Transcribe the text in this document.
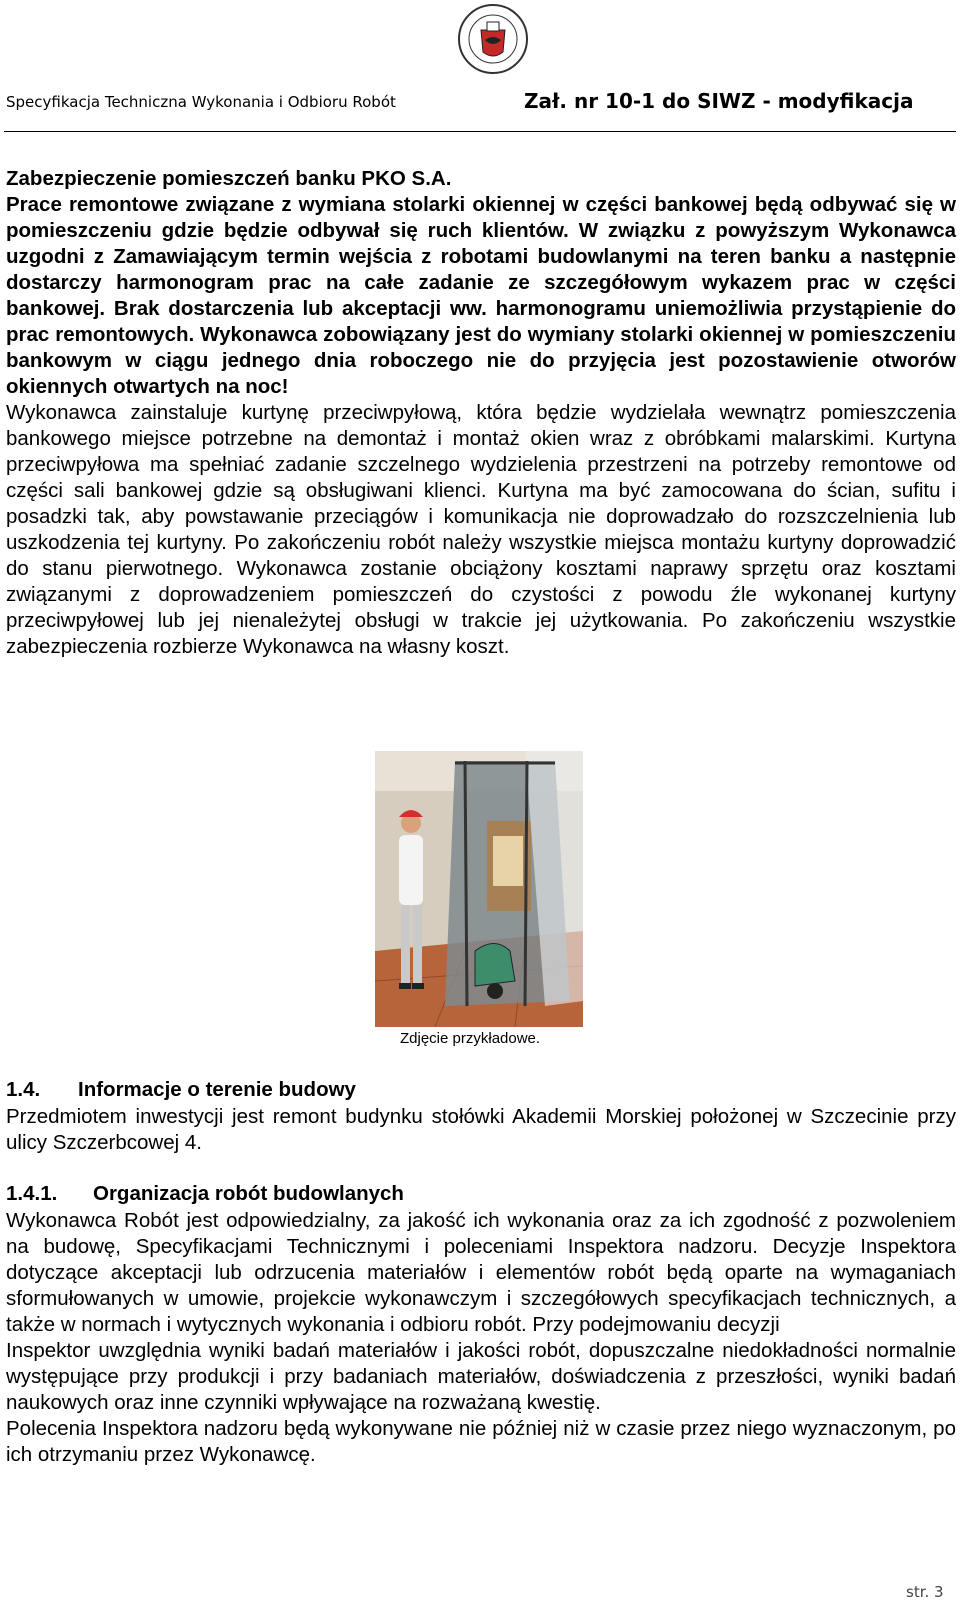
Specyfikacja Techniczna Wykonania i Odbioru Robót	Zał. nr 10-1 do SIWZ - modyfikacja

Zabezpieczenie pomieszczeń banku PKO S.A.

Prace remontowe związane z wymiana stolarki okiennej w części bankowej będą odbywać się w pomieszczeniu gdzie będzie odbywał się ruch klientów. W związku z powyższym Wykonawca uzgodni z Zamawiającym termin wejścia z robotami budowlanymi na teren banku a następnie dostarczy harmonogram prac na całe zadanie ze szczegółowym wykazem prac w części bankowej. Brak dostarczenia lub akceptacji ww. harmonogramu uniemożliwia przystąpienie do prac remontowych. Wykonawca zobowiązany jest do wymiany stolarki okiennej w pomieszczeniu bankowym w ciągu jednego dnia roboczego nie do przyjęcia jest pozostawienie otworów okiennych otwartych na noc!

Wykonawca zainstaluje kurtynę przeciwpyłową, która będzie wydzielała wewnątrz pomieszczenia bankowego miejsce potrzebne na demontaż i montaż okien wraz z obróbkami malarskimi. Kurtyna przeciwpyłowa ma spełniać zadanie szczelnego wydzielenia przestrzeni na potrzeby remontowe od części sali bankowej gdzie są obsługiwani klienci. Kurtyna ma być zamocowana do ścian, sufitu i posadzki tak, aby powstawanie przeciągów i komunikacja nie doprowadzało do rozszczelnienia lub uszkodzenia tej kurtyny. Po zakończeniu robót należy wszystkie miejsca montażu kurtyny doprowadzić do stanu pierwotnego. Wykonawca zostanie obciążony kosztami naprawy sprzętu oraz kosztami związanymi z doprowadzeniem pomieszczeń do czystości z powodu źle wykonanej kurtyny przeciwpyłowej lub jej nienależytej obsługi w trakcie jej użytkowania. Po zakończeniu wszystkie zabezpieczenia rozbierze Wykonawca na własny koszt.

Zdjęcie przykładowe.
1.4. Informacje o terenie budowy

Przedmiotem inwestycji jest remont budynku stołówki Akademii Morskiej położonej w Szczecinie przy ulicy Szczerbcowej 4.

1.4.1. Organizacja robót budowlanych

Wykonawca Robót jest odpowiedzialny, za jakość ich wykonania oraz za ich zgodność z pozwoleniem na budowę, Specyfikacjami Technicznymi i poleceniami Inspektora nadzoru. Decyzje Inspektora dotyczące akceptacji lub odrzucenia materiałów i elementów robót będą oparte na wymaganiach sformułowanych w umowie, projekcie wykonawczym i szczegółowych specyfikacjach technicznych, a także w normach i wytycznych wykonania i odbioru robót. Przy podejmowaniu decyzji

Inspektor uwzględnia wyniki badań materiałów i jakości robót, dopuszczalne niedokładności normalnie występujące przy produkcji i przy badaniach materiałów, doświadczenia z przeszłości, wyniki badań naukowych oraz inne czynniki wpływające na rozważaną kwestię.

Polecenia Inspektora nadzoru będą wykonywane nie później niż w czasie przez niego wyznaczonym, po ich otrzymaniu przez Wykonawcę.

str. 3
